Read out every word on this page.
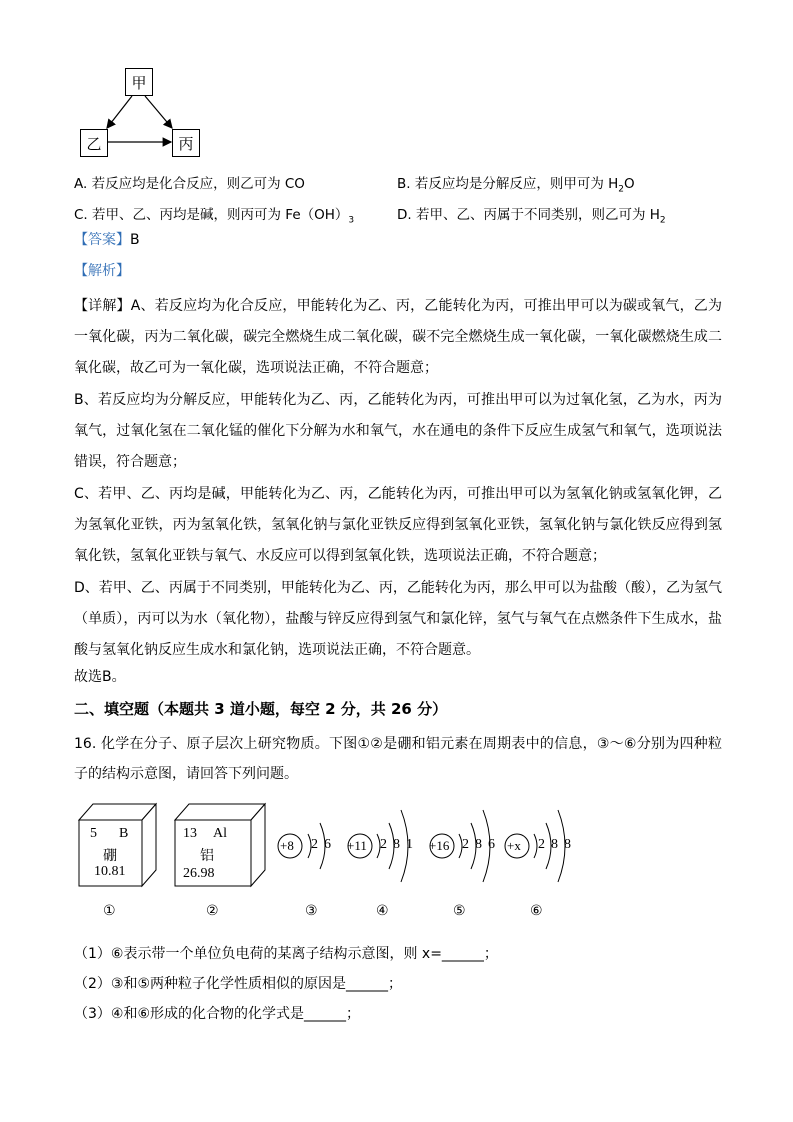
甲
乙	丙
A. 若反应均是化合反应，则乙可为 CO	B. 若反应均是分解反应，则甲可为 $H_2O$
C. 若甲、乙、丙均是碱，则丙可为 $Fe(OH)_3$	D. 若甲、乙、丙属于不同类别，则乙可为 $H_2$
【答案】B
【解析】
【详解】A、若反应均为化合反应，甲能转化为乙、丙，乙能转化为丙，可推出甲可以为碳或氧气，乙为一氧化碳，丙为二氧化碳，碳完全燃烧生成二氧化碳，碳不完全燃烧生成一氧化碳，一氧化碳燃烧生成二氧化碳，故乙可为一氧化碳，选项说法正确，不符合题意；
B、若反应均为分解反应，甲能转化为乙、丙，乙能转化为丙，可推出甲可以为过氧化氢，乙为水，丙为氧气，过氧化氢在二氧化锰的催化下分解为水和氧气，水在通电的条件下反应生成氢气和氧气，选项说法错误，符合题意；
C、若甲、乙、丙均是碱，甲能转化为乙、丙，乙能转化为丙，可推出甲可以为氢氧化钠或氢氧化钾，乙为氢氧化亚铁，丙为氢氧化铁，氢氧化钠与氯化亚铁反应得到氢氧化亚铁，氢氧化钠与氯化铁反应得到氢氧化铁，氢氧化亚铁与氧气、水反应可以得到氢氧化铁，选项说法正确，不符合题意；
D、若甲、乙、丙属于不同类别，甲能转化为乙、丙，乙能转化为丙，那么甲可以为盐酸（酸），乙为氢气（单质），丙可以为水（氧化物），盐酸与锌反应得到氢气和氯化锌，氢气与氧气在点燃条件下生成水，盐酸与氢氧化钠反应生成水和氯化钠，选项说法正确，不符合题意。
故选B。
二、填空题（本题共 3 道小题，每空 2 分，共 26 分）
16. 化学在分子、原子层次上研究物质。下图①②是硼和铝元素在周期表中的信息，③～⑥分别为四种粒子的结构示意图，请回答下列问题。
5 B
硼
10.81
13 Al
铝
26.98
+8 2 6 +11 2 8 1 +16 2 8 6 +x 2 8 8
①	②	③	④	⑤	⑥
（1）⑥表示带一个单位负电荷的某离子结构示意图，则 x=______；
（2）③和⑤两种粒子化学性质相似的原因是______；
（3）④和⑥形成的化合物的化学式是______；
